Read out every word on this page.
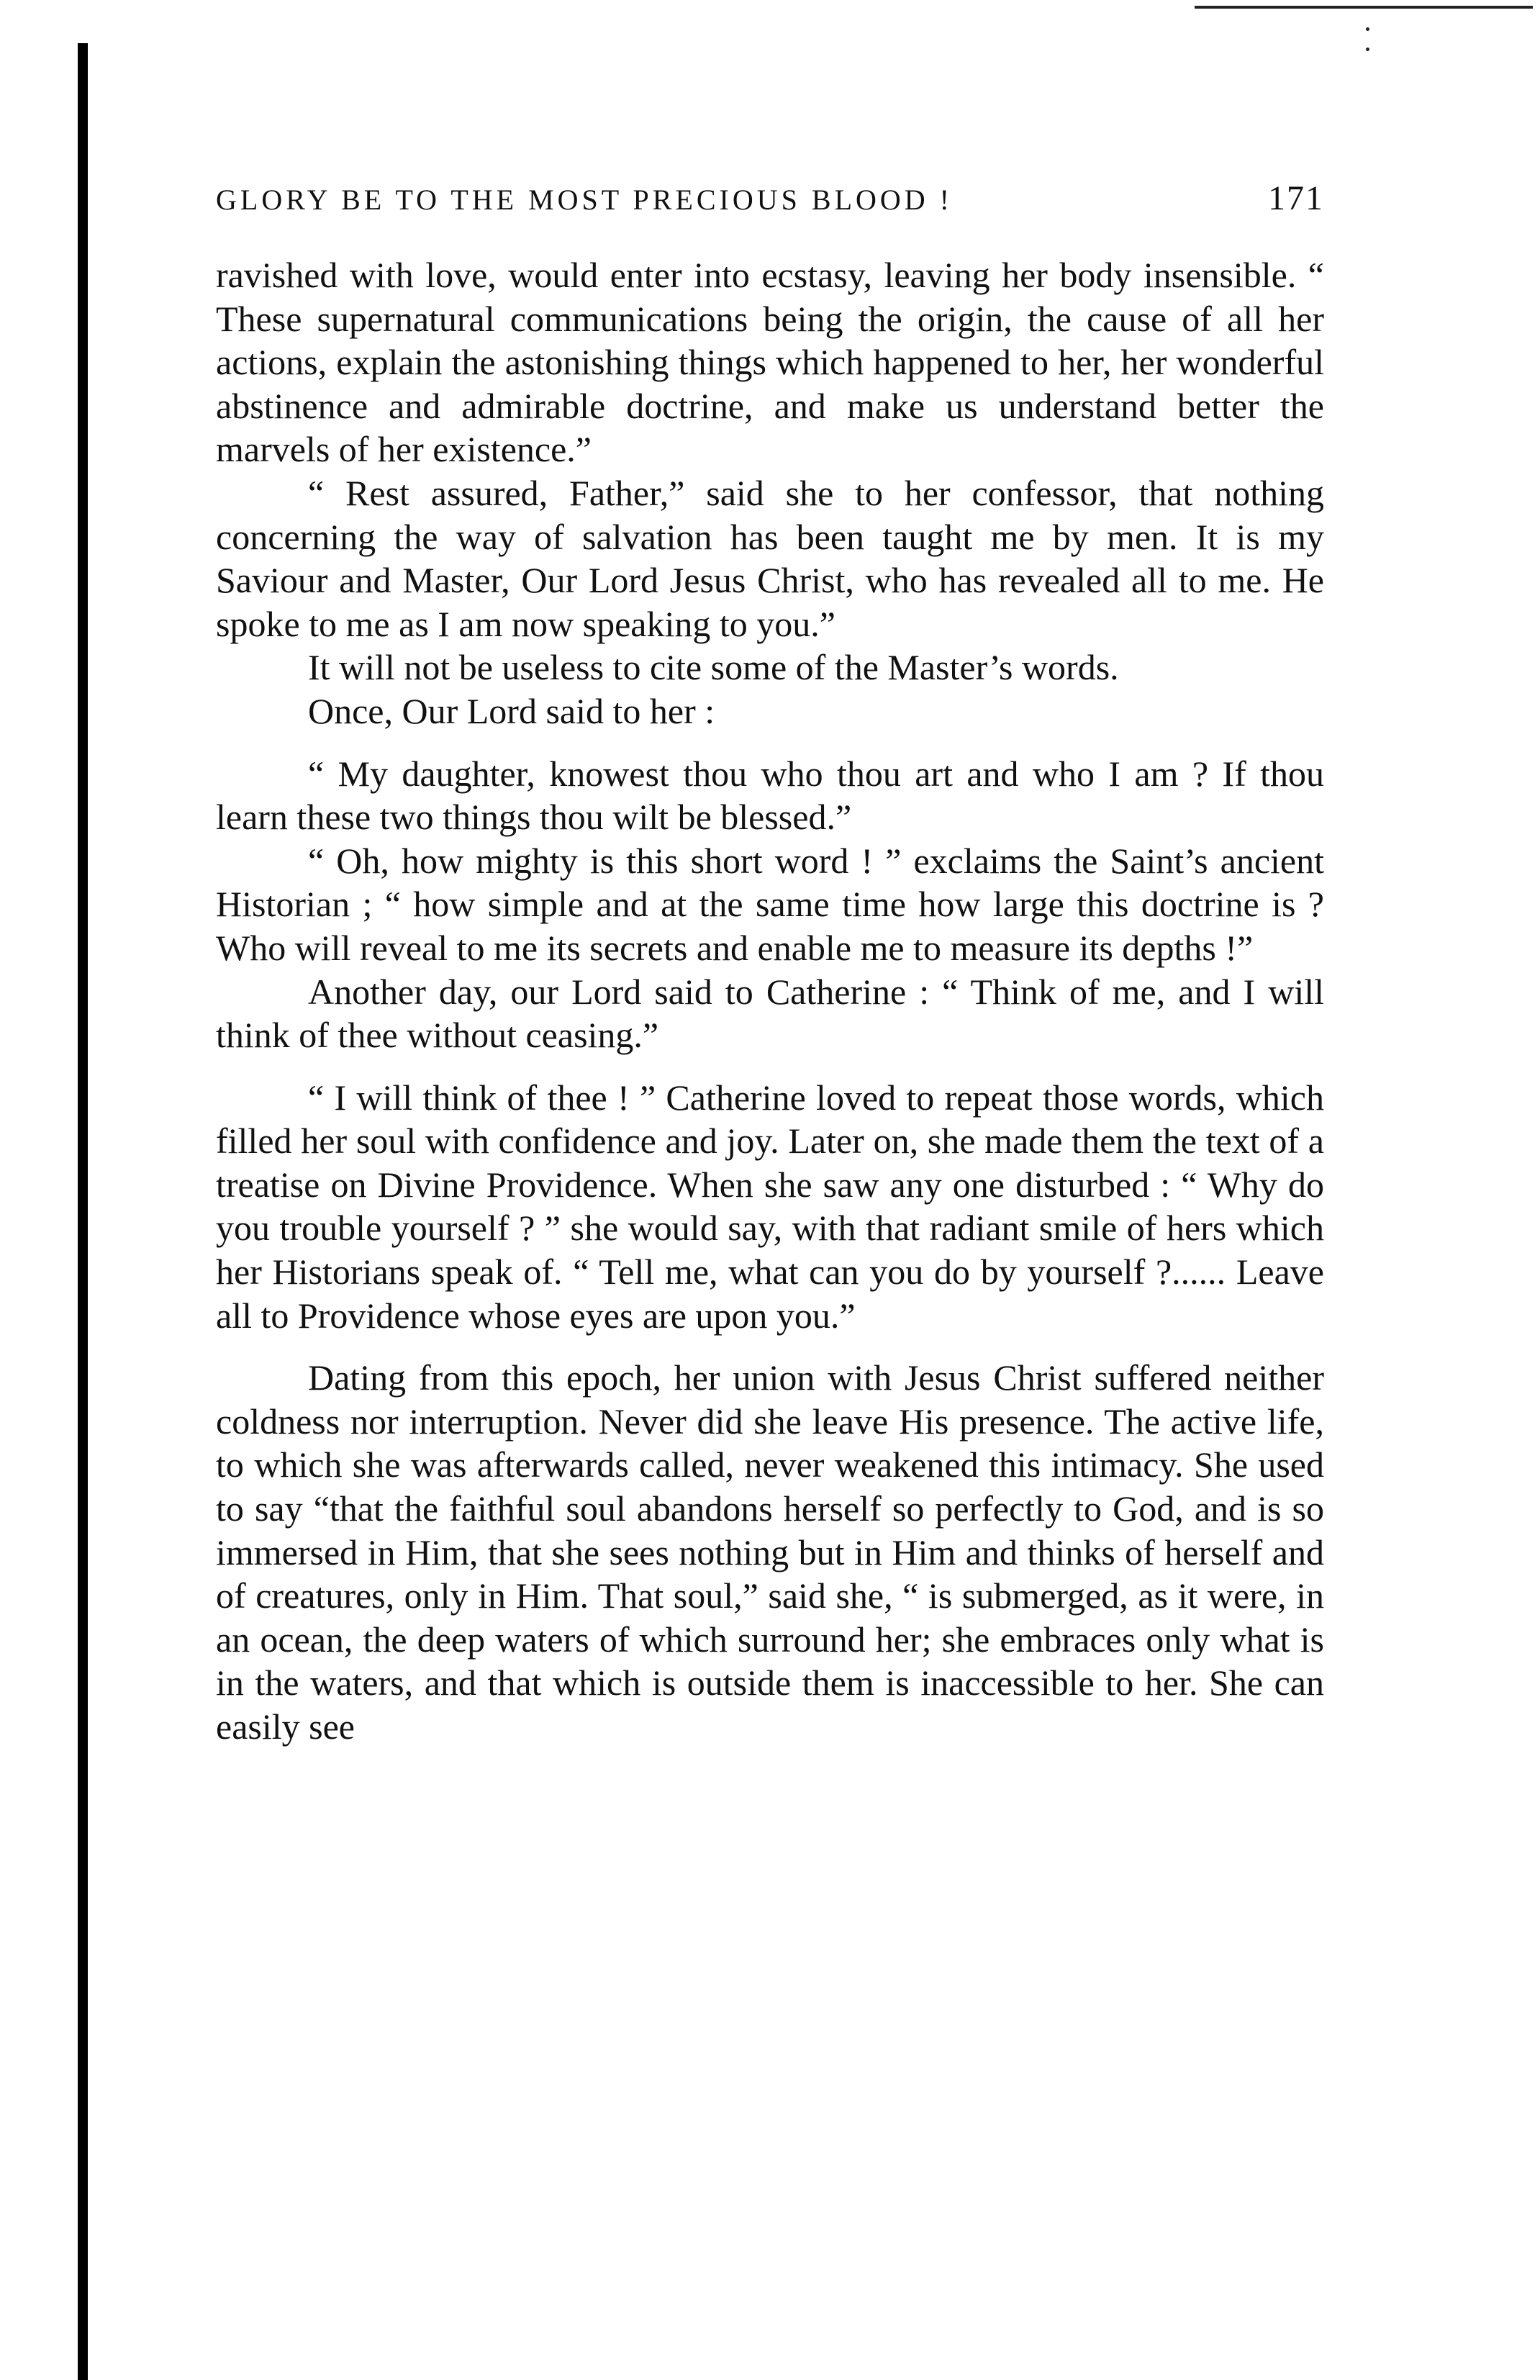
GLORY BE TO THE MOST PRECIOUS BLOOD !	171

ravished with love, would enter into ecstasy, leaving her body insensible. “ These supernatural communications being the origin, the cause of all her actions, explain the astonishing things which happened to her, her wonderful abstinence and admirable doctrine, and make us understand better the marvels of her existence.”

“ Rest assured, Father,” said she to her confessor, that nothing concerning the way of salvation has been taught me by men. It is my Saviour and Master, Our Lord Jesus Christ, who has revealed all to me. He spoke to me as I am now speaking to you.”

It will not be useless to cite some of the Master’s words.

Once, Our Lord said to her :

“ My daughter, knowest thou who thou art and who I am ? If thou learn these two things thou wilt be blessed.”

“ Oh, how mighty is this short word ! ” exclaims the Saint’s ancient Historian ; “ how simple and at the same time how large this doctrine is ? Who will reveal to me its secrets and enable me to measure its depths !”

Another day, our Lord said to Catherine : “ Think of me, and I will think of thee without ceasing.”

“ I will think of thee ! ” Catherine loved to repeat those words, which filled her soul with confidence and joy. Later on, she made them the text of a treatise on Divine Providence. When she saw any one disturbed : “ Why do you trouble yourself ? ” she would say, with that radiant smile of hers which her Historians speak of. “ Tell me, what can you do by yourself ?...... Leave all to Providence whose eyes are upon you.”

Dating from this epoch, her union with Jesus Christ suffered neither coldness nor interruption. Never did she leave His presence. The active life, to which she was afterwards called, never weakened this intimacy. She used to say “that the faithful soul abandons herself so perfectly to God, and is so immersed in Him, that she sees nothing but in Him and thinks of herself and of creatures, only in Him. That soul,” said she, “ is submerged, as it were, in an ocean, the deep waters of which surround her; she embraces only what is in the waters, and that which is outside them is inaccessible to her. She can easily see
